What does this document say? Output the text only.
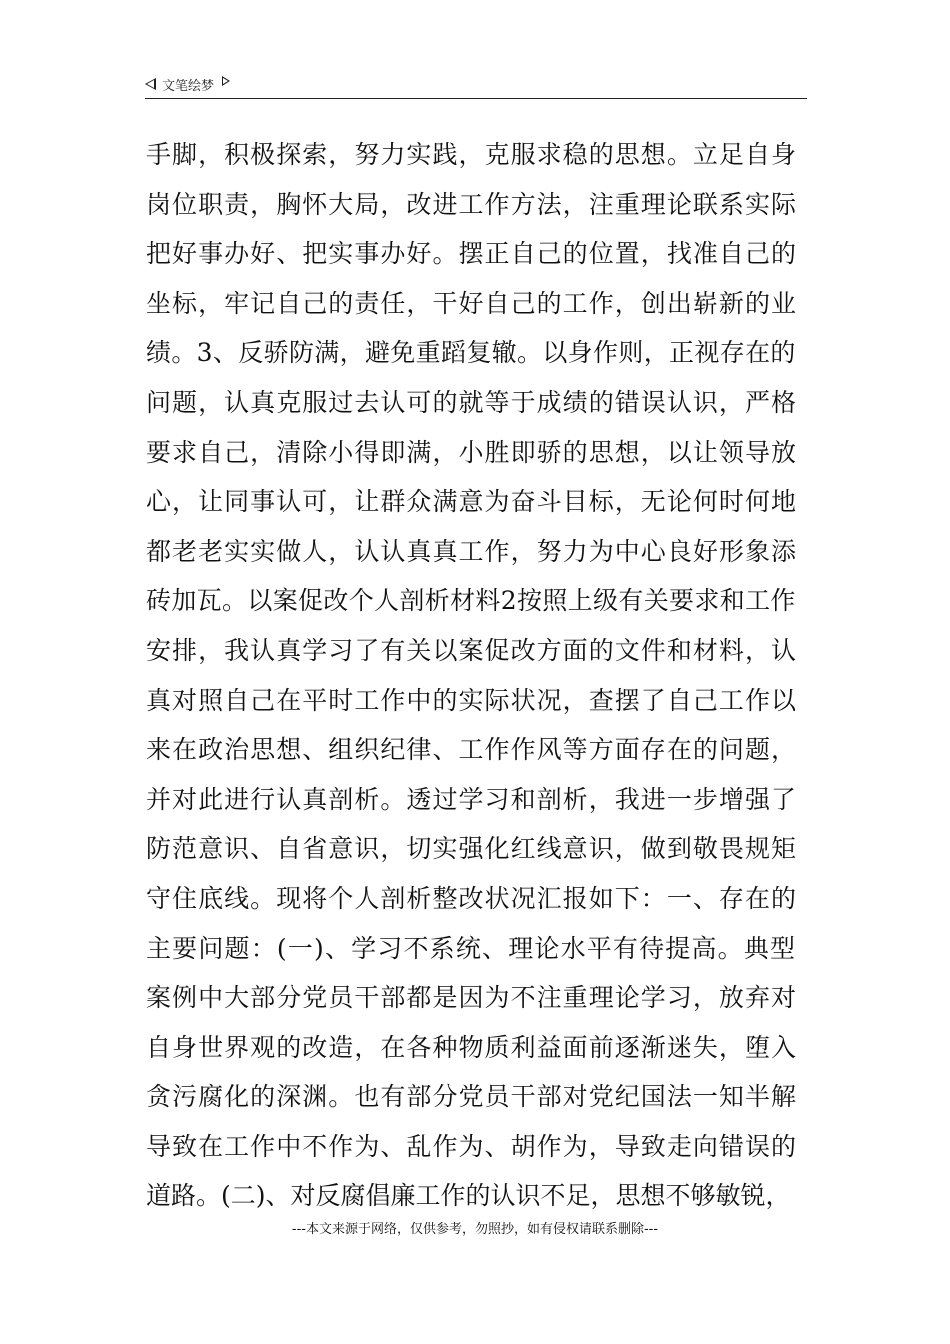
文笔绘梦
手脚，积极探索，努力实践，克服求稳的思想。立足自身
岗位职责，胸怀大局，改进工作方法，注重理论联系实际
把好事办好、把实事办好。摆正自己的位置，找准自己的
坐标，牢记自己的责任，干好自己的工作，创出崭新的业
绩。3、反骄防满，避免重蹈复辙。以身作则，正视存在的
问题，认真克服过去认可的就等于成绩的错误认识，严格
要求自己，清除小得即满，小胜即骄的思想，以让领导放
心，让同事认可，让群众满意为奋斗目标，无论何时何地
都老老实实做人，认认真真工作，努力为中心良好形象添
砖加瓦。以案促改个人剖析材料2按照上级有关要求和工作
安排，我认真学习了有关以案促改方面的文件和材料，认
真对照自己在平时工作中的实际状况，查摆了自己工作以
来在政治思想、组织纪律、工作作风等方面存在的问题，
并对此进行认真剖析。透过学习和剖析，我进一步增强了
防范意识、自省意识，切实强化红线意识，做到敬畏规矩
守住底线。现将个人剖析整改状况汇报如下：一、存在的
主要问题：(一)、学习不系统、理论水平有待提高。典型
案例中大部分党员干部都是因为不注重理论学习，放弃对
自身世界观的改造，在各种物质利益面前逐渐迷失，堕入
贪污腐化的深渊。也有部分党员干部对党纪国法一知半解
导致在工作中不作为、乱作为、胡作为，导致走向错误的
道路。(二)、对反腐倡廉工作的认识不足，思想不够敏锐，
---本文来源于网络，仅供参考，勿照抄，如有侵权请联系删除---
